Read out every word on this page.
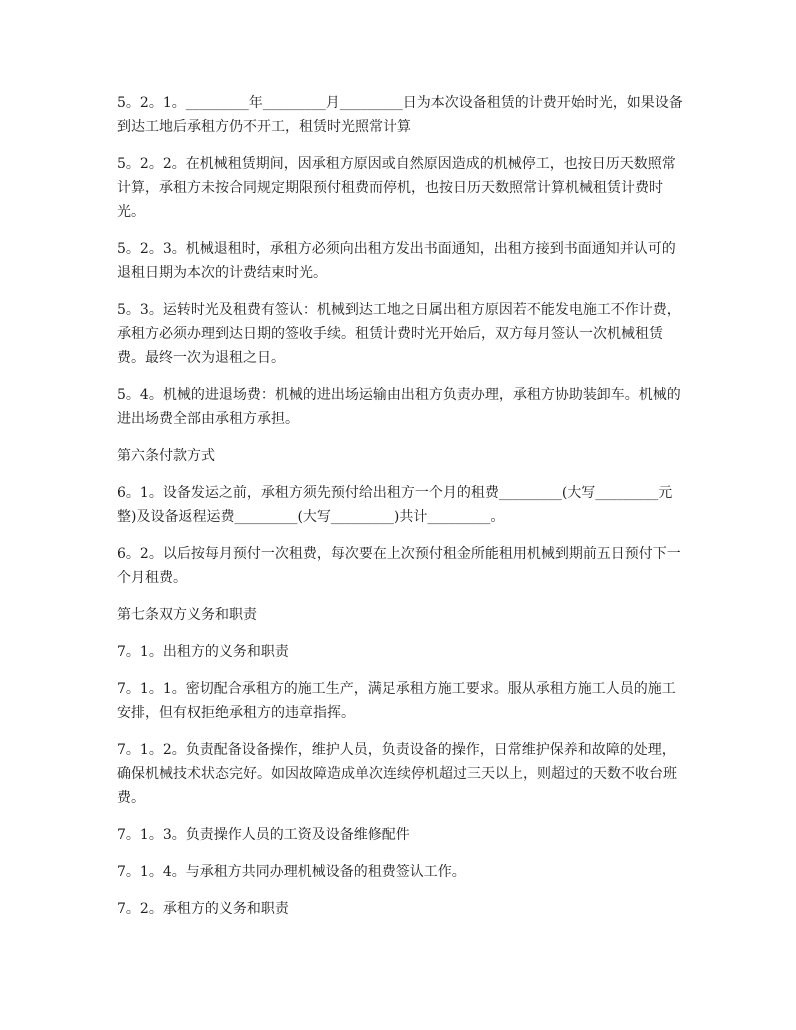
5。2。1。_________年_________月_________日为本次设备租赁的计费开始时光，如果设备到达工地后承租方仍不开工，租赁时光照常计算

5。2。2。在机械租赁期间，因承租方原因或自然原因造成的机械停工，也按日历天数照常计算，承租方未按合同规定期限预付租费而停机，也按日历天数照常计算机械租赁计费时光。

5。2。3。机械退租时，承租方必须向出租方发出书面通知，出租方接到书面通知并认可的退租日期为本次的计费结束时光。

5。3。运转时光及租费有签认：机械到达工地之日属出租方原因若不能发电施工不作计费，承租方必须办理到达日期的签收手续。租赁计费时光开始后，双方每月签认一次机械租赁费。最终一次为退租之日。

5。4。机械的进退场费：机械的进出场运输由出租方负责办理，承租方协助装卸车。机械的进出场费全部由承租方承担。

第六条付款方式

6。1。设备发运之前，承租方须先预付给出租方一个月的租费_________(大写_________元整)及设备返程运费_________(大写_________)共计_________。

6。2。以后按每月预付一次租费，每次要在上次预付租金所能租用机械到期前五日预付下一个月租费。

第七条双方义务和职责

7。1。出租方的义务和职责

7。1。1。密切配合承租方的施工生产，满足承租方施工要求。服从承租方施工人员的施工安排，但有权拒绝承租方的违章指挥。

7。1。2。负责配备设备操作，维护人员，负责设备的操作，日常维护保养和故障的处理，确保机械技术状态完好。如因故障造成单次连续停机超过三天以上，则超过的天数不收台班费。

7。1。3。负责操作人员的工资及设备维修配件

7。1。4。与承租方共同办理机械设备的租费签认工作。

7。2。承租方的义务和职责
